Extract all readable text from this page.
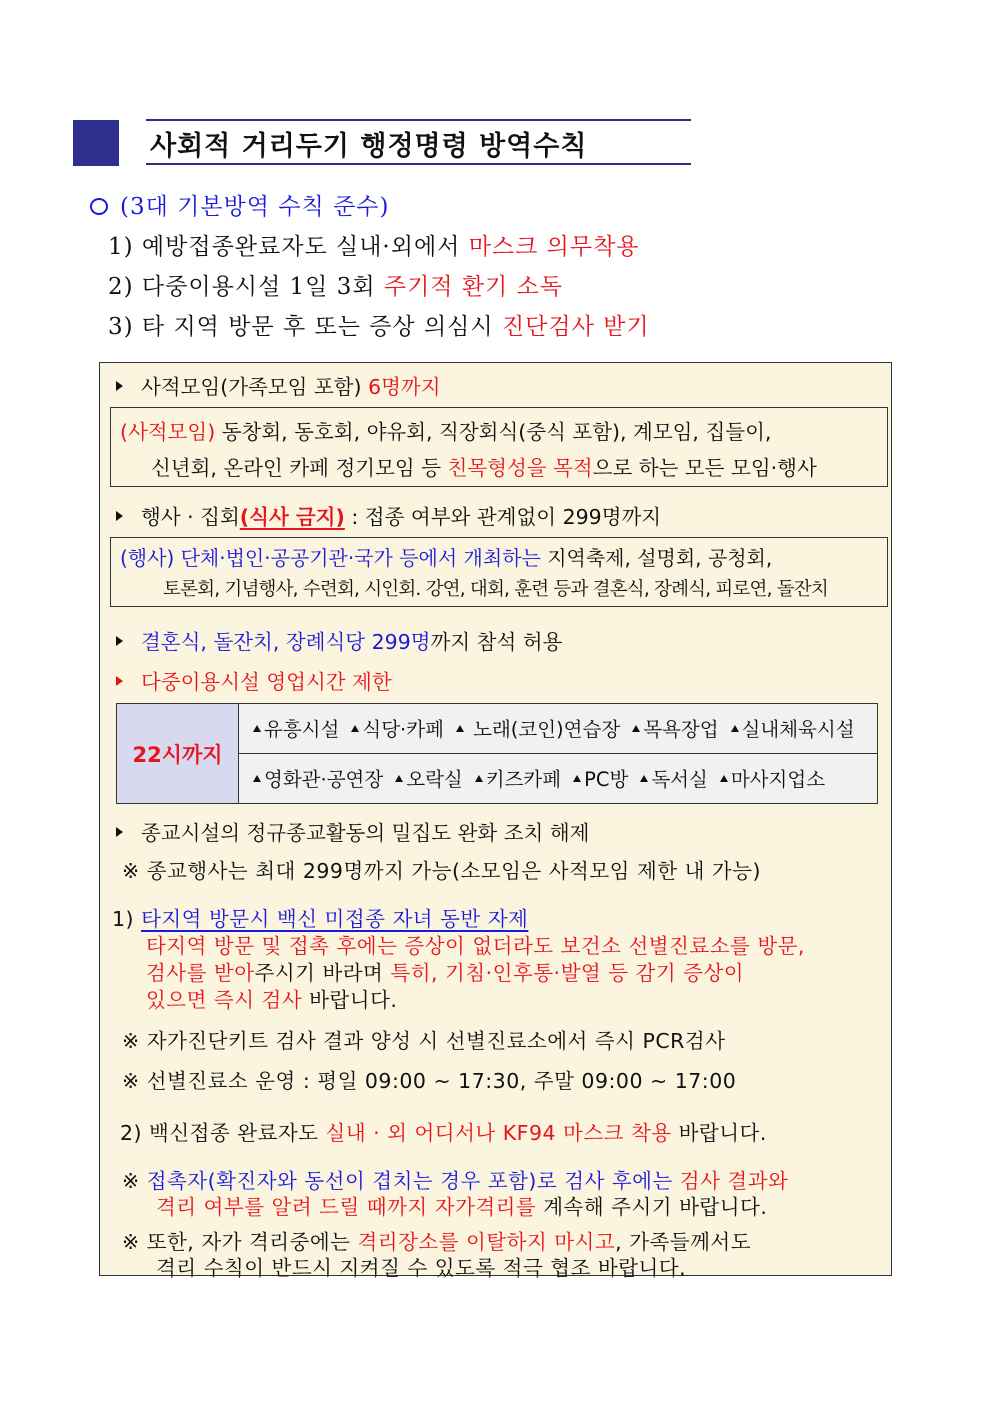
사회적 거리두기 행정명령 방역수칙
(3대 기본방역 수칙 준수)
1) 예방접종완료자도 실내·외에서 마스크 의무착용
2) 다중이용시설 1일 3회 주기적 환기 소독
3) 타 지역 방문 후 또는 증상 의심시 진단검사 받기
사적모임(가족모임 포함) 6명까지
(사적모임) 동창회, 동호회, 야유회, 직장회식(중식 포함), 계모임, 집들이,
신년회, 온라인 카페 정기모임 등 친목형성을 목적으로 하는 모든 모임·행사
행사 · 집회(식사 금지) : 접종 여부와 관계없이 299명까지
(행사) 단체·법인·공공기관·국가 등에서 개최하는 지역축제, 설명회, 공청회,
토론회, 기념행사, 수련회, 시인회. 강연, 대회, 훈련 등과 결혼식, 장례식, 피로연, 돌잔치
결혼식, 돌잔치, 장례식당 299명까지 참석 허용
다중이용시설 영업시간 제한
22시까지
유흥시설	식당·카페	노래(코인)연습장	목욕장업	실내체육시설
영화관·공연장	오락실	키즈카페	PC방	독서실	마사지업소
종교시설의 정규종교활동의 밀집도 완화 조치 해제
※ 종교행사는 최대 299명까지 가능(소모임은 사적모임 제한 내 가능)
1) 타지역 방문시 백신 미접종 자녀 동반 자제
타지역 방문 및 접촉 후에는 증상이 없더라도 보건소 선별진료소를 방문,
검사를 받아주시기 바라며 특히, 기침·인후통·발열 등 감기 증상이
있으면 즉시 검사 바랍니다.
※ 자가진단키트 검사 결과 양성 시 선별진료소에서 즉시 PCR검사
※ 선별진료소 운영 : 평일 09:00 ~ 17:30, 주말 09:00 ~ 17:00
2) 백신접종 완료자도 실내 · 외 어디서나 KF94 마스크 착용 바랍니다.
※ 접촉자(확진자와 동선이 겹치는 경우 포함)로 검사 후에는 검사 결과와
격리 여부를 알려 드릴 때까지 자가격리를 계속해 주시기 바랍니다.
※ 또한, 자가 격리중에는 격리장소를 이탈하지 마시고, 가족들께서도
격리 수칙이 반드시 지켜질 수 있도록 적극 협조 바랍니다.
